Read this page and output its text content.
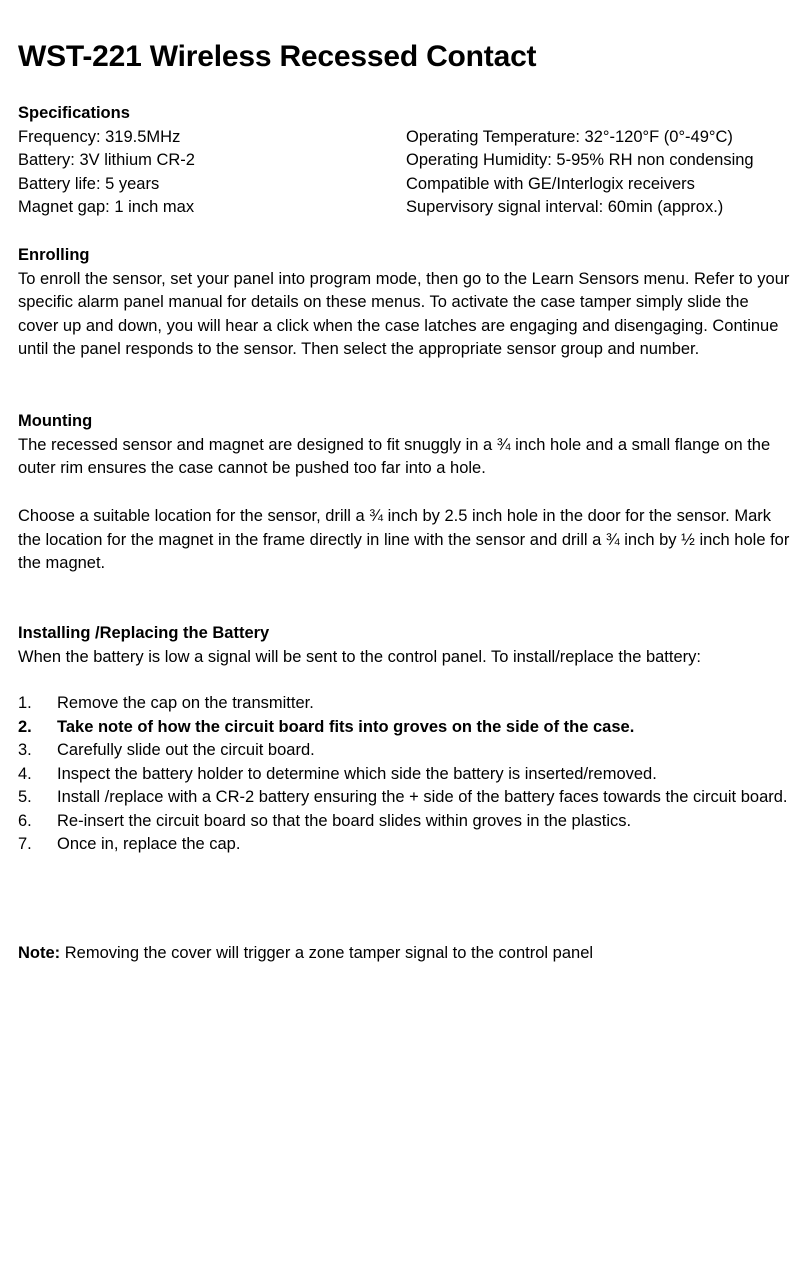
WST-221 Wireless Recessed Contact

Specifications

Frequency: 319.5MHz
Battery: 3V lithium CR-2
Battery life: 5 years
Magnet gap: 1 inch max
Operating Temperature: 32°-120°F (0°-49°C)
Operating Humidity: 5-95% RH non condensing
Compatible with GE/Interlogix receivers
Supervisory signal interval: 60min (approx.)

Enrolling

To enroll the sensor, set your panel into program mode, then go to the Learn Sensors menu. Refer to your specific alarm panel manual for details on these menus. To activate the case tamper simply slide the cover up and down, you will hear a click when the case latches are engaging and disengaging. Continue until the panel responds to the sensor. Then select the appropriate sensor group and number.

Mounting

The recessed sensor and magnet are designed to fit snuggly in a ¾ inch hole and a small flange on the outer rim ensures the case cannot be pushed too far into a hole.

Choose a suitable location for the sensor, drill a ¾ inch by 2.5 inch hole in the door for the sensor. Mark the location for the magnet in the frame directly in line with the sensor and drill a ¾ inch by ½ inch hole for the magnet.

Installing /Replacing the Battery

When the battery is low a signal will be sent to the control panel. To install/replace the battery:

1.	Remove the cap on the transmitter.
2.	Take note of how the circuit board fits into groves on the side of the case.
3.	Carefully slide out the circuit board.
4.	Inspect the battery holder to determine which side the battery is inserted/removed.
5.	Install /replace with a CR-2 battery ensuring the + side of the battery faces towards the circuit board.
6.	Re-insert the circuit board so that the board slides within groves in the plastics.
7.	Once in, replace the cap.

Note: Removing the cover will trigger a zone tamper signal to the control panel
